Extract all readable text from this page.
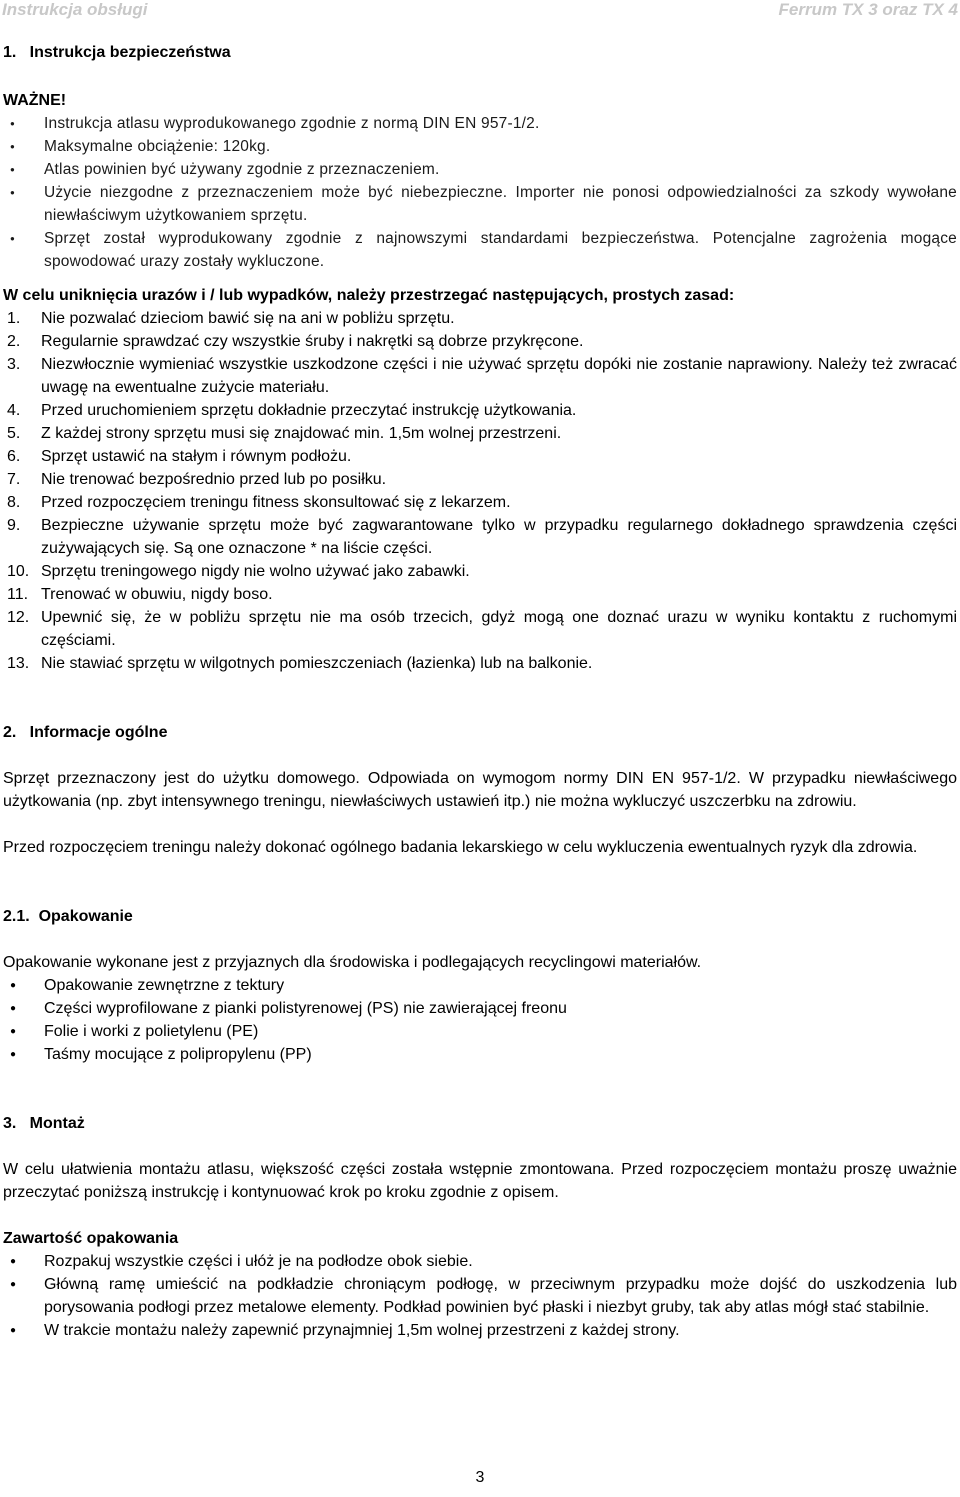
Instrukcja obsługi	Ferrum TX 3 oraz TX 4

1.   Instrukcja bezpieczeństwa

WAŻNE!

● Instrukcja atlasu wyprodukowanego zgodnie z normą DIN EN 957-1/2.
● Maksymalne obciążenie: 120kg.
● Atlas powinien być używany zgodnie z przeznaczeniem.
● Użycie niezgodne z przeznaczeniem może być niebezpieczne. Importer nie ponosi odpowiedzialności za szkody wywołane niewłaściwym użytkowaniem sprzętu.
● Sprzęt został wyprodukowany zgodnie z najnowszymi standardami bezpieczeństwa. Potencjalne zagrożenia mogące spowodować urazy zostały wykluczone.

W celu uniknięcia urazów i / lub wypadków, należy przestrzegać następujących, prostych zasad:

1. Nie pozwalać dzieciom bawić się na ani w pobliżu sprzętu.
2. Regularnie sprawdzać czy wszystkie śruby i nakrętki są dobrze przykręcone.
3. Niezwłocznie wymieniać wszystkie uszkodzone części i nie używać sprzętu dopóki nie zostanie naprawiony. Należy też zwracać uwagę na ewentualne zużycie materiału.
4. Przed uruchomieniem sprzętu dokładnie przeczytać instrukcję użytkowania.
5. Z każdej strony sprzętu musi się znajdować min. 1,5m wolnej przestrzeni.
6. Sprzęt ustawić na stałym i równym podłożu.
7. Nie trenować bezpośrednio przed lub po posiłku.
8. Przed rozpoczęciem treningu fitness skonsultować się z lekarzem.
9. Bezpieczne używanie sprzętu może być zagwarantowane tylko w przypadku regularnego dokładnego sprawdzenia części zużywających się. Są one oznaczone * na liście części.
10. Sprzętu treningowego nigdy nie wolno używać jako zabawki.
11. Trenować w obuwiu, nigdy boso.
12. Upewnić się, że w pobliżu sprzętu nie ma osób trzecich, gdyż mogą one doznać urazu w wyniku kontaktu z ruchomymi częściami.
13. Nie stawiać sprzętu w wilgotnych pomieszczeniach (łazienka) lub na balkonie.

2.   Informacje ogólne

Sprzęt przeznaczony jest do użytku domowego. Odpowiada on wymogom normy DIN EN 957-1/2. W przypadku niewłaściwego użytkowania (np. zbyt intensywnego treningu, niewłaściwych ustawień itp.) nie można wykluczyć uszczerbku na zdrowiu.

Przed rozpoczęciem treningu należy dokonać ogólnego badania lekarskiego w celu wykluczenia ewentualnych ryzyk dla zdrowia.

2.1.  Opakowanie

Opakowanie wykonane jest z przyjaznych dla środowiska i podlegających recyclingowi materiałów.

● Opakowanie zewnętrzne z tektury
● Części wyprofilowane z pianki polistyrenowej (PS) nie zawierającej freonu
● Folie i worki z polietylenu (PE)
● Taśmy mocujące z polipropylenu (PP)

3.   Montaż

W celu ułatwienia montażu atlasu, większość części została wstępnie zmontowana. Przed rozpoczęciem montażu proszę uważnie przeczytać poniższą instrukcję i kontynuować krok po kroku zgodnie z opisem.

Zawartość opakowania

● Rozpakuj wszystkie części i ułóż je na podłodze obok siebie.
● Główną ramę umieścić na podkładzie chroniącym podłogę, w przeciwnym przypadku może dojść do uszkodzenia lub porysowania podłogi przez metalowe elementy. Podkład powinien być płaski i niezbyt gruby, tak aby atlas mógł stać stabilnie.
● W trakcie montażu należy zapewnić przynajmniej 1,5m wolnej przestrzeni z każdej strony.
3
